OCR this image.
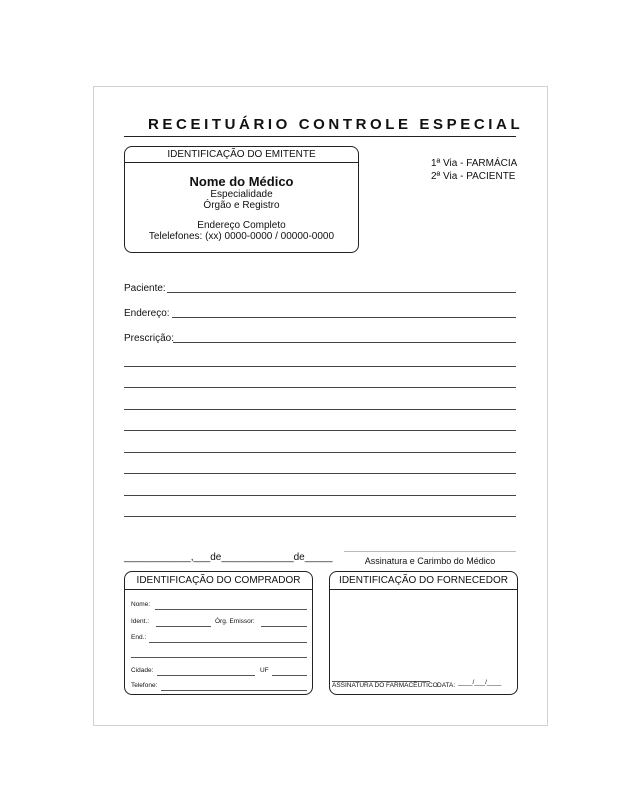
RECEITUÁRIO CONTROLE ESPECIAL
IDENTIFICAÇÃO DO EMITENTE
Nome do Médico
Especialidade
Órgão e Registro
Endereço Completo
Telelefones: (xx) 0000-0000 / 00000-0000
1ª Via - FARMÁCIA
2ª Via - PACIENTE
Paciente:
Endereço:
Prescrição:
____________,___de_____________de_____	Assinatura e Carimbo do Médico
IDENTIFICAÇÃO DO COMPRADOR
Nome:
Ident.:	Órg. Emissor:
End.:
Cidade:	UF
Telefone:
IDENTIFICAÇÃO DO FORNECEDOR
ASSINATURA DO FARMACÊUTICO DATA: ____/___/____
